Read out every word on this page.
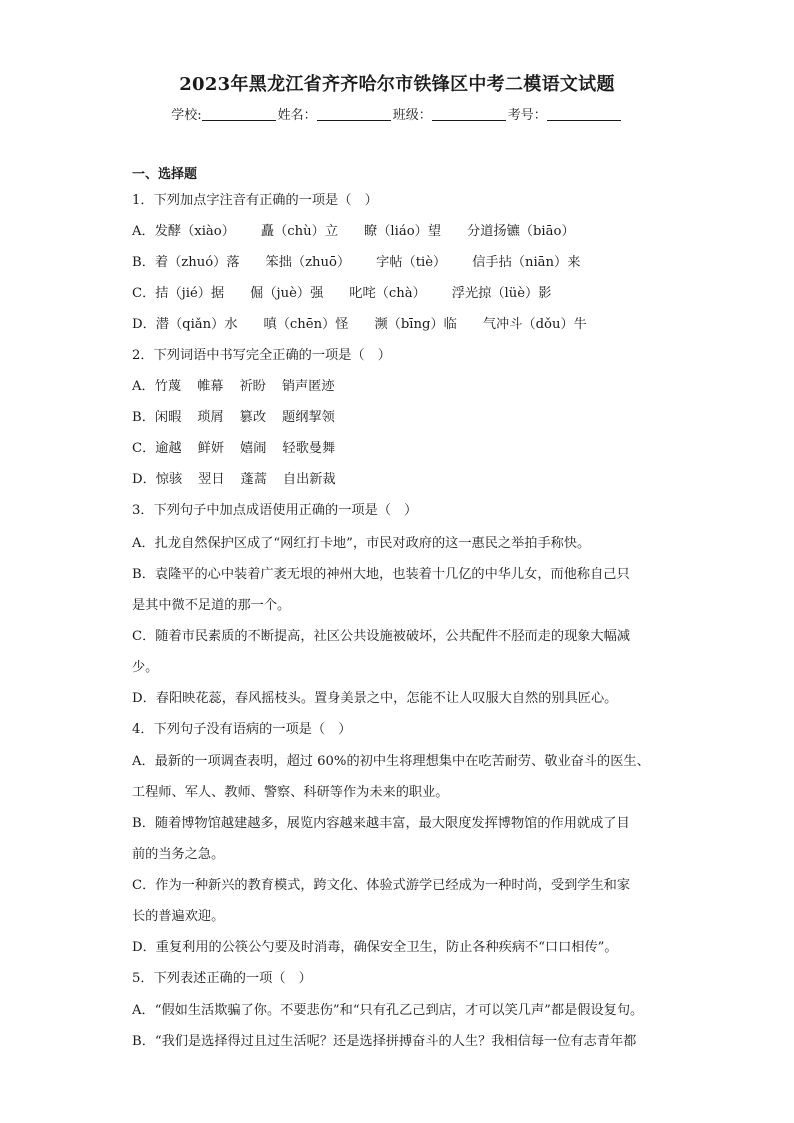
2023年黑龙江省齐齐哈尔市铁锋区中考二模语文试题
学校:	姓名：	班级：	考号：
一、选择题
1．下列加点字注音有正确的一项是（　）
A．发酵（xiào） 矗（chù）立 瞭（liáo）望 分道扬镳（biāo）
B．着（zhuó）落 笨拙（zhuō） 字帖（tiè） 信手拈（niān）来
C．拮（jié）据 倔（juè）强 叱咤（chà） 浮光掠（lüè）影
D．潜（qiǎn）水 嗔（chēn）怪 濒（bīng）临 气冲斗（dǒu）牛
2．下列词语中书写完全正确的一项是（　）
A．竹蔑 帷幕 祈盼 销声匿迹
B．闲暇 琐屑 篡改 题纲挈领
C．逾越 鲜妍 嬉闹 轻歌曼舞
D．惊骇 翌日 蓬蒿 自出新裁
3．下列句子中加点成语使用正确的一项是（　）
A．扎龙自然保护区成了“网红打卡地”，市民对政府的这一惠民之举拍手称快。
B．袁隆平的心中装着广袤无垠的神州大地，也装着十几亿的中华儿女，而他称自己只
是其中微不足道的那一个。
C．随着市民素质的不断提高，社区公共设施被破坏，公共配件不胫而走的现象大幅减
少。
D．春阳映花蕊，春风摇枝头。置身美景之中，怎能不让人叹服大自然的别具匠心。
4．下列句子没有语病的一项是（　）
A．最新的一项调查表明，超过 60%的初中生将理想集中在吃苦耐劳、敬业奋斗的医生、
工程师、军人、教师、警察、科研等作为未来的职业。
B．随着博物馆越建越多，展览内容越来越丰富，最大限度发挥博物馆的作用就成了目
前的当务之急。
C．作为一种新兴的教育模式，跨文化、体验式游学已经成为一种时尚，受到学生和家
长的普遍欢迎。
D．重复利用的公筷公勺要及时消毒，确保安全卫生，防止各种疾病不“口口相传”。
5．下列表述正确的一项（　）
A．“假如生活欺骗了你。不要悲伤”和“只有孔乙己到店，才可以笑几声”都是假设复句。
B．“我们是选择得过且过生活呢？还是选择拼搏奋斗的人生？我相信每一位有志青年都
